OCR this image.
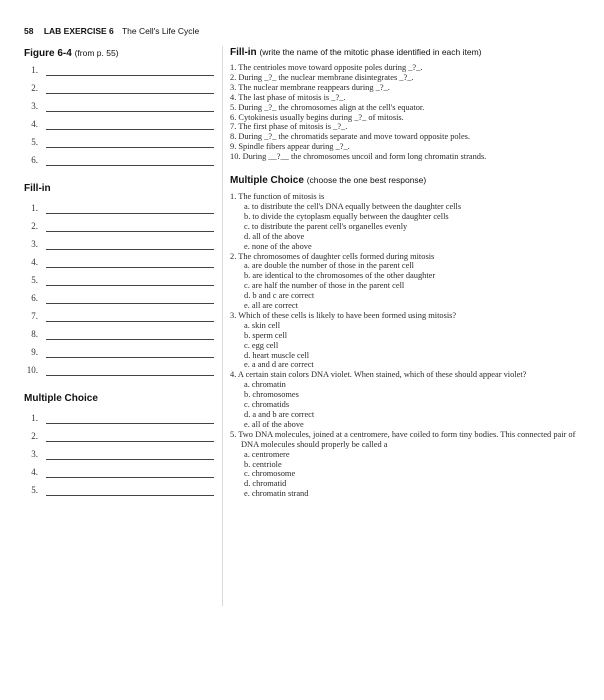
58 LAB EXERCISE 6 The Cell's Life Cycle
Figure 6-4 (from p. 55)
1.
2.
3.
4.
5.
6.
Fill-in
1.
2.
3.
4.
5.
6.
7.
8.
9.
10.
Multiple Choice
1.
2.
3.
4.
5.
Fill-in (write the name of the mitotic phase identified in each item)
1. The centrioles move toward opposite poles during _?_.
2. During _?_ the nuclear membrane disintegrates _?_.
3. The nuclear membrane reappears during _?_.
4. The last phase of mitosis is _?_.
5. During _?_ the chromosomes align at the cell's equator.
6. Cytokinesis usually begins during _?_ of mitosis.
7. The first phase of mitosis is _?_.
8. During _?_ the chromatids separate and move toward opposite poles.
9. Spindle fibers appear during _?_.
10. During __?__ the chromosomes uncoil and form long chromatin strands.
Multiple Choice (choose the one best response)
1. The function of mitosis is
a. to distribute the cell's DNA equally between the daughter cells
b. to divide the cytoplasm equally between the daughter cells
c. to distribute the parent cell's organelles evenly
d. all of the above
e. none of the above
2. The chromosomes of daughter cells formed during mitosis
a. are double the number of those in the parent cell
b. are identical to the chromosomes of the other daughter
c. are half the number of those in the parent cell
d. b and c are correct
e. all are correct
3. Which of these cells is likely to have been formed using mitosis?
a. skin cell
b. sperm cell
c. egg cell
d. heart muscle cell
e. a and d are correct
4. A certain stain colors DNA violet. When stained, which of these should appear violet?
a. chromatin
b. chromosomes
c. chromatids
d. a and b are correct
e. all of the above
5. Two DNA molecules, joined at a centromere, have coiled to form tiny bodies. This connected pair of DNA molecules should properly be called a
a. centromere
b. centriole
c. chromosome
d. chromatid
e. chromatin strand
